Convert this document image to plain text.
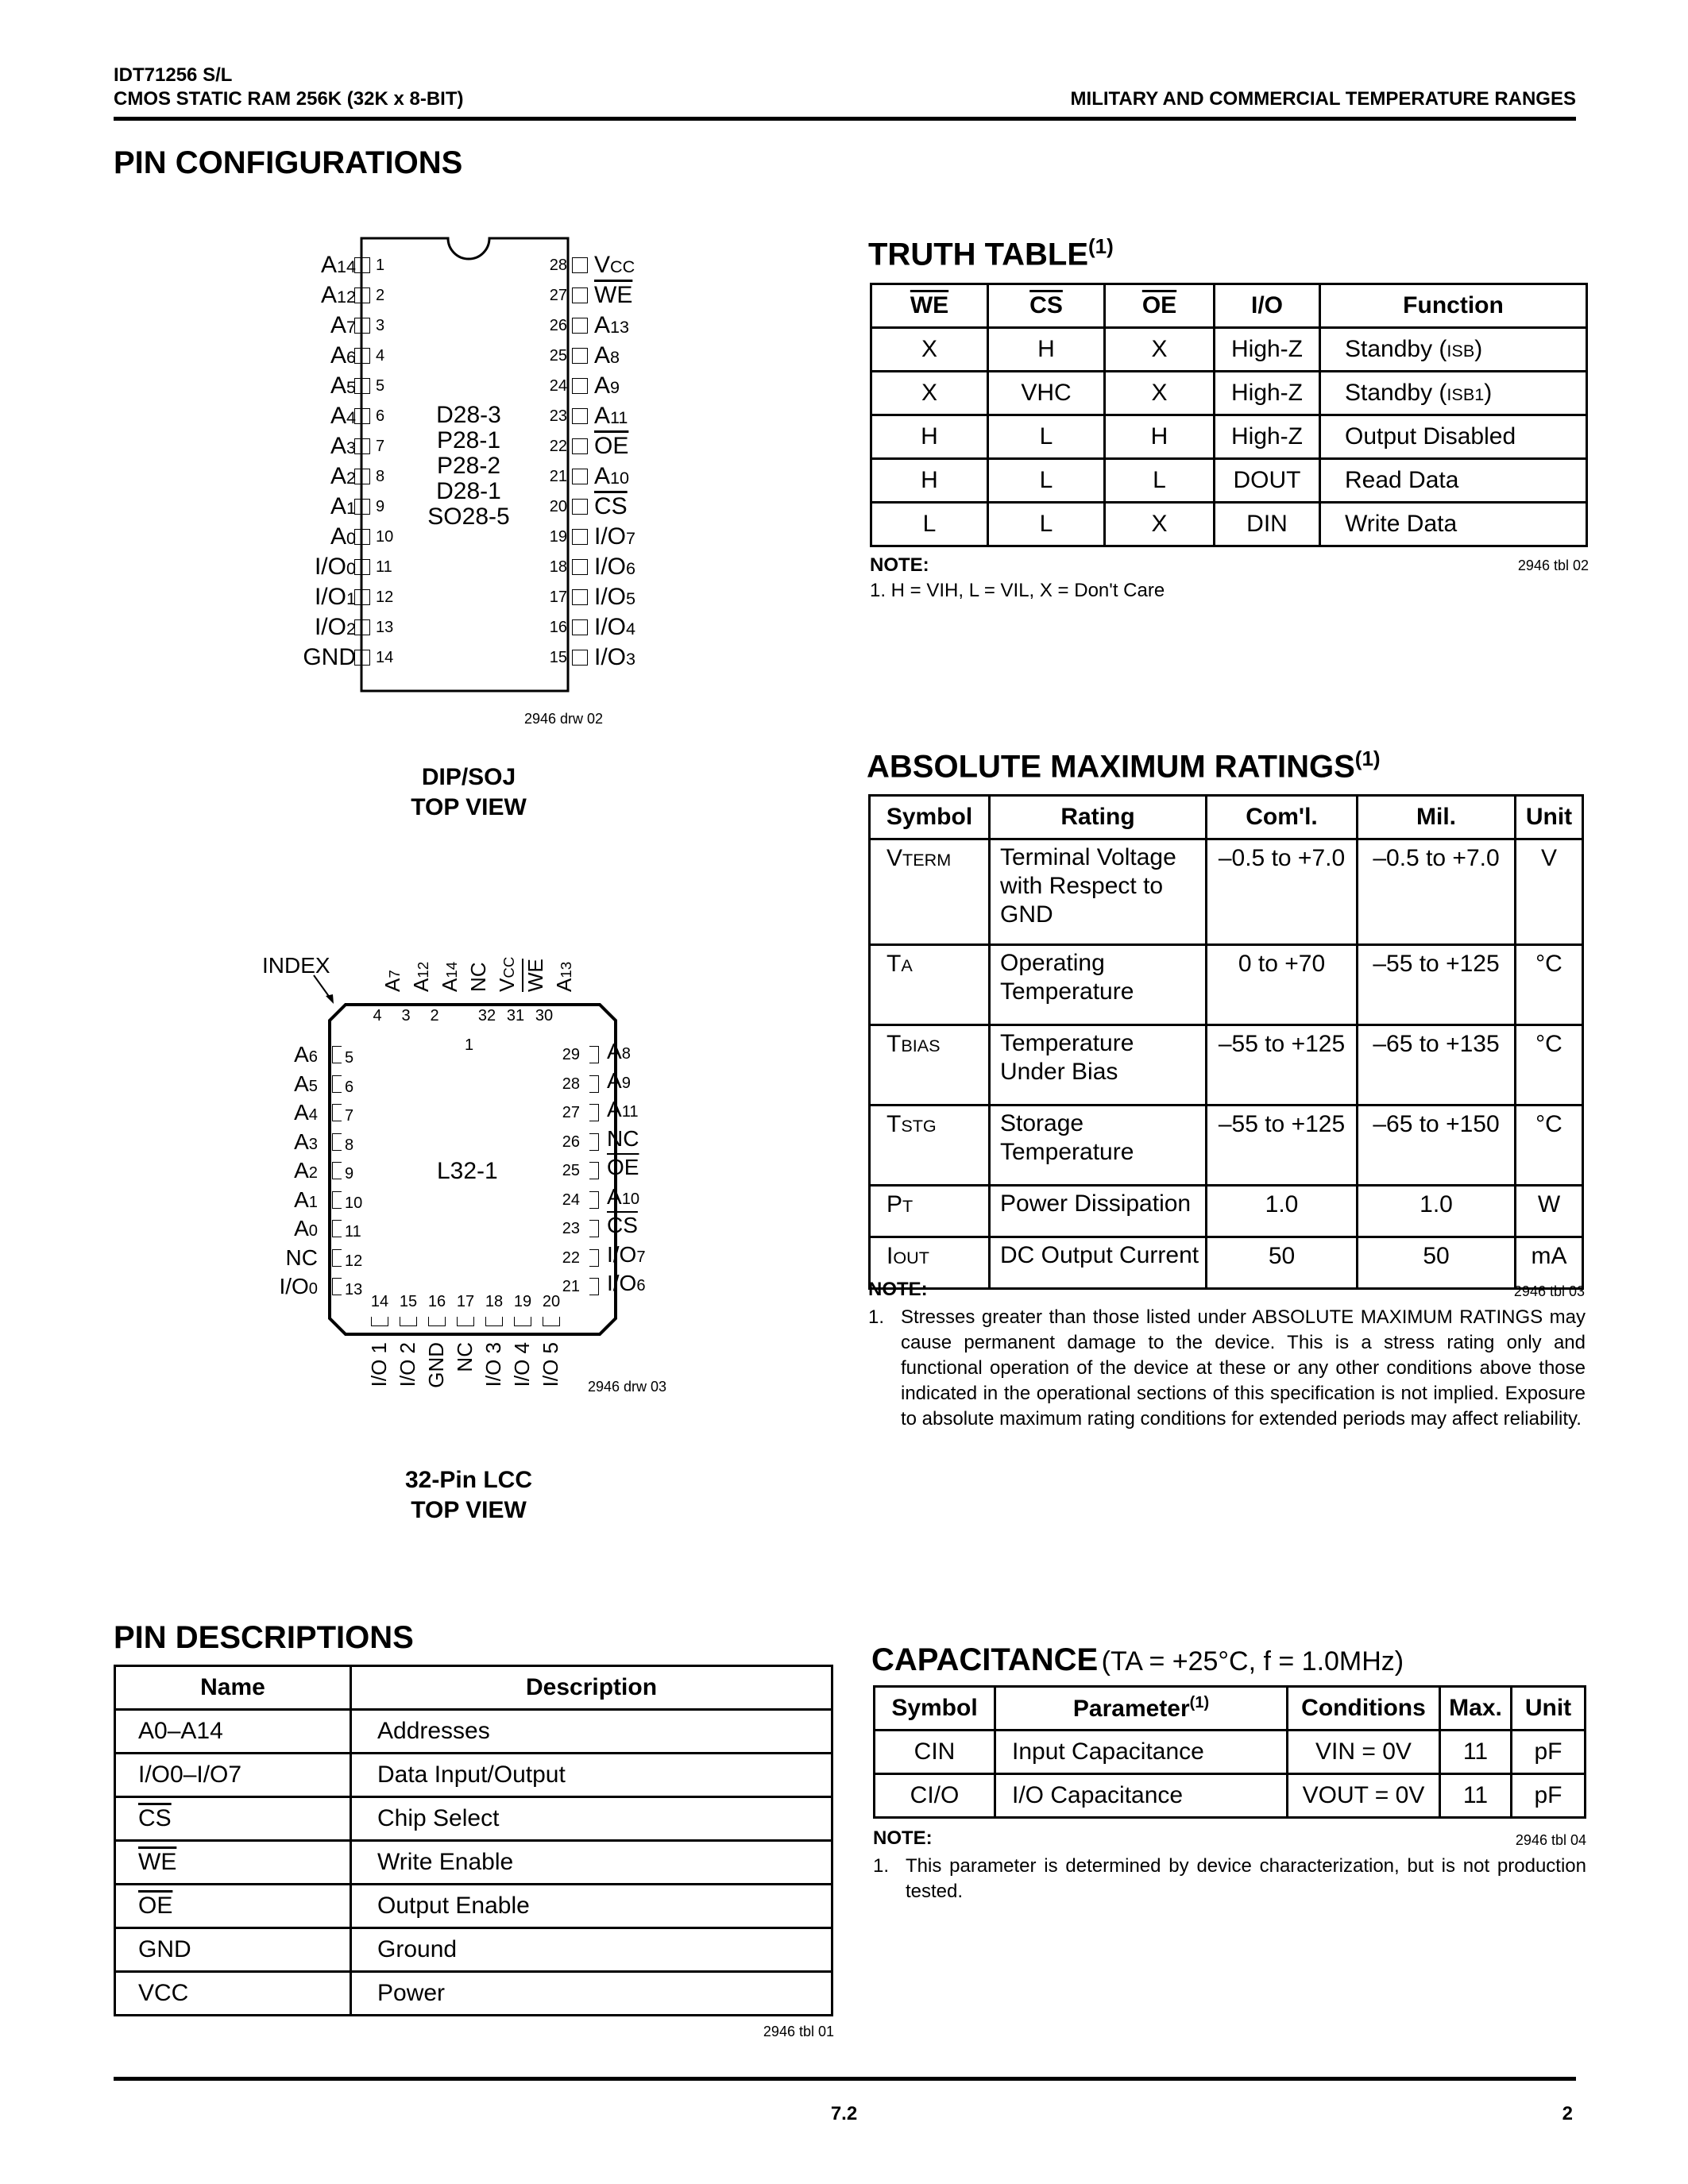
IDT71256 S/L
CMOS STATIC RAM 256K (32K x 8-BIT)	MILITARY AND COMMERCIAL TEMPERATURE RANGES
PIN CONFIGURATIONS
A14 1
A12 2
A7 3
A6 4
A5 5
A4 6
A3 7
A2 8
A1 9
A0 10
I/O0 11
I/O1 12
I/O2 13
GND 14
28 VCC
27 $\overline{WE}$
26 A13
25 A8
24 A9
23 A11
22 $\overline{OE}$
21 A10
20 $\overline{CS}$
19 I/O7
18 I/O6
17 I/O5
16 I/O4
15 I/O3
D28-3
P28-1
P28-2
D28-1
SO28-5
2946 drw 02
DIP/SOJ
TOP VIEW
INDEX
A7
A12
A14 NC VCC $\overline{WE}$ A13
4	3	2	32 31 30
1
A6 5
A5 6
A4 7
A3 8
A2 9
A1 10
A0 11
NC 12
I/O0 13
29 A8
28 A9
27 A11
26 NC
25 $\overline{OE}$
24 A10
23 $\overline{CS}$
22 I/O7
21 I/O6
L32-1
14 15 16 17 18 19 20
I/O 1 I/O 2 GND NC I/O 3 I/O 4 I/O 5 2946 drw 03
32-Pin LCC
TOP VIEW
TRUTH TABLE$^{(1)}$
$\overline{WE}$	$\overline{CS}$	$\overline{OE}$	I/O	Function
X	H	X	High-Z	Standby (ISB)
X	VHC	X	High-Z	Standby (ISB1)
H	L	H	High-Z	Output Disabled
H	L	L	DOUT	Read Data
L	L	X	DIN	Write Data
NOTE:	2946 tbl 02
1. H = VIH, L = VIL, X = Don't Care
ABSOLUTE MAXIMUM RATINGS$^{(1)}$
Symbol	Rating	Com'l.	Mil.	Unit
VTERM	Terminal Voltage with Respect to GND	–0.5 to +7.0	–0.5 to +7.0	V
TA	Operating Temperature	0 to +70	–55 to +125	°C
TBIAS	Temperature Under Bias	–55 to +125	–65 to +135	°C
TSTG	Storage Temperature	–55 to +125	–65 to +150	°C
PT	Power Dissipation	1.0	1.0	W
IOUT	DC Output Current	50	50	mA
NOTE:	2946 tbl 03
1. Stresses greater than those listed under ABSOLUTE MAXIMUM RATINGS may cause permanent damage to the device. This is a stress rating only and functional operation of the device at these or any other conditions above those indicated in the operational sections of this specification is not implied. Exposure to absolute maximum rating conditions for extended periods may affect reliability.
PIN DESCRIPTIONS
Name	Description
A0–A14	Addresses
I/O0–I/O7	Data Input/Output
$\overline{CS}$	Chip Select
$\overline{WE}$	Write Enable
$\overline{OE}$	Output Enable
GND	Ground
VCC	Power
2946 tbl 01
CAPACITANCE (TA = +25°C, f = 1.0MHz)
Symbol	Parameter$^{(1)}$	Conditions	Max.	Unit
CIN	Input Capacitance	VIN = 0V	11	pF
CI/O	I/O Capacitance	VOUT = 0V	11	pF
NOTE:	2946 tbl 04
1. This parameter is determined by device characterization, but is not production tested.
7.2	2
